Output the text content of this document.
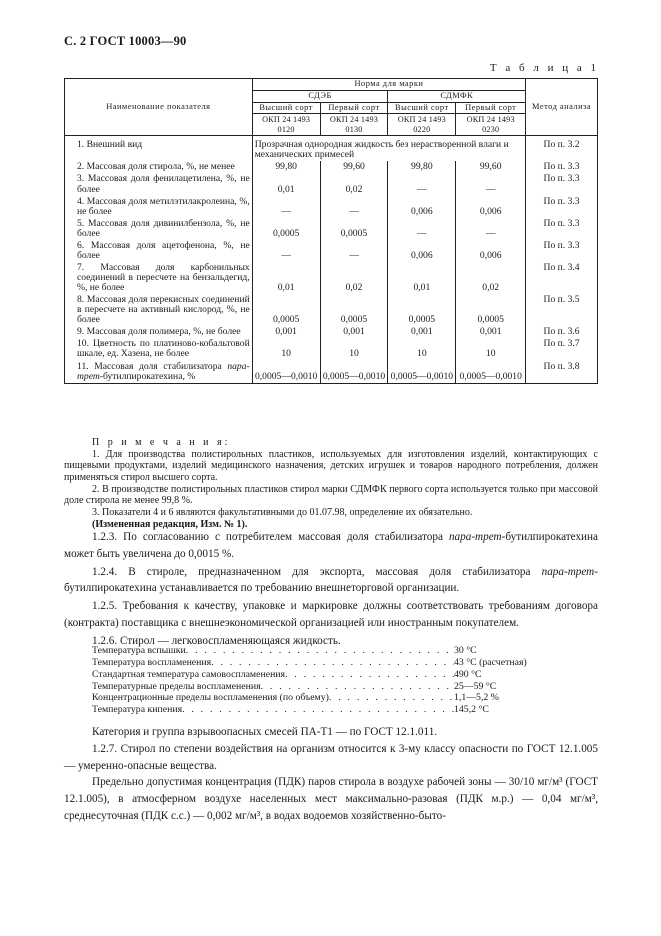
С. 2 ГОСТ 10003—90
Т а б л и ц а 1
Наименование показателя	Норма для марки				Метод анализа
	СДЭБ		СДМФК		
	Высший сорт	Первый сорт	Высший сорт	Первый сорт	
	ОКП 24 1493 0120	ОКП 24 1493 0130	ОКП 24 1493 0220	ОКП 24 1493 0230	
1. Внешний вид	Прозрачная однородная жидкость без нерастворенной влаги и механических примесей				По п. 3.2
2. Массовая доля стирола, %, не менее	99,80	99,60	99,80	99,60	По п. 3.3
3. Массовая доля фенилацетилена, %, не более	0,01	0,02	—	—	По п. 3.3
4. Массовая доля метилэтилакролеина, %, не более	—	—	0,006	0,006	По п. 3.3
5. Массовая доля дивинилбензола, %, не более	0,0005	0,0005	—	—	По п. 3.3
6. Массовая доля ацетофенона, %, не более	—	—	0,006	0,006	По п. 3.3
7. Массовая доля карбонильных соединений в пересчете на бензальдегид, %, не более	0,01	0,02	0,01	0,02	По п. 3.4
8. Массовая доля перекисных соединений в пересчете на активный кислород, %, не более	0,0005	0,0005	0,0005	0,0005	По п. 3.5
9. Массовая доля полимера, %, не более	0,001	0,001	0,001	0,001	По п. 3.6
10. Цветность по платиново-кобальтовой шкале, ед. Хазена, не более	10	10	10	10	По п. 3.7
11. Массовая доля стабилизатора пара-трет-бутилпирокатехина, %	0,0005—0,0010	0,0005—0,0010	0,0005—0,0010	0,0005—0,0010	По п. 3.8
П р и м е ч а н и я:

1. Для производства полистирольных пластиков, используемых для изготовления изделий, контактирующих с пищевыми продуктами, изделий медицинского назначения, детских игрушек и товаров народного потребления, должен применяться стирол высшего сорта.

2. В производстве полистирольных пластиков стирол марки СДМФК первого сорта используется только при массовой доле стирола не менее 99,8 %.

3. Показатели 4 и 6 являются факультативными до 01.07.98, определение их обязательно.

(Измененная редакция, Изм. № 1).

1.2.3. По согласованию с потребителем массовая доля стабилизатора пара-трет-бутилпирокатехина может быть увеличена до 0,0015 %.

1.2.4. В стироле, предназначенном для экспорта, массовая доля стабилизатора пара-трет-бутилпирокатехина устанавливается по требованию внешнеторговой организации.

1.2.5. Требования к качеству, упаковке и маркировке должны соответствовать требованиям договора (контракта) поставщика с внешнеэкономической организацией или иностранным покупателем.

1.2.6. Стирол — легковоспламеняющаяся жидкость.

Температура вспышки . . .	30 °С
Температура воспламенения . . .	43 °С (расчетная)
Стандартная температура самовоспламенения . . .	490 °С
Температурные пределы воспламенения . . .	25—59 °С
Концентрационные пределы воспламенения (по объему) . . .	1,1—5,2 %
Температура кипения . . .	145,2 °С

Категория и группа взрывоопасных смесей ПА-Т1 — по ГОСТ 12.1.011.

1.2.7. Стирол по степени воздействия на организм относится к 3-му классу опасности по ГОСТ 12.1.005 — умеренно-опасные вещества.

Предельно допустимая концентрация (ПДК) паров стирола в воздухе рабочей зоны — 30/10 мг/м³ (ГОСТ 12.1.005), в атмосферном воздухе населенных мест максимально-разовая (ПДК м.р.) — 0,04 мг/м³, среднесуточная (ПДК с.с.) — 0,002 мг/м³, в водах водоемов хозяйственно-быто-
